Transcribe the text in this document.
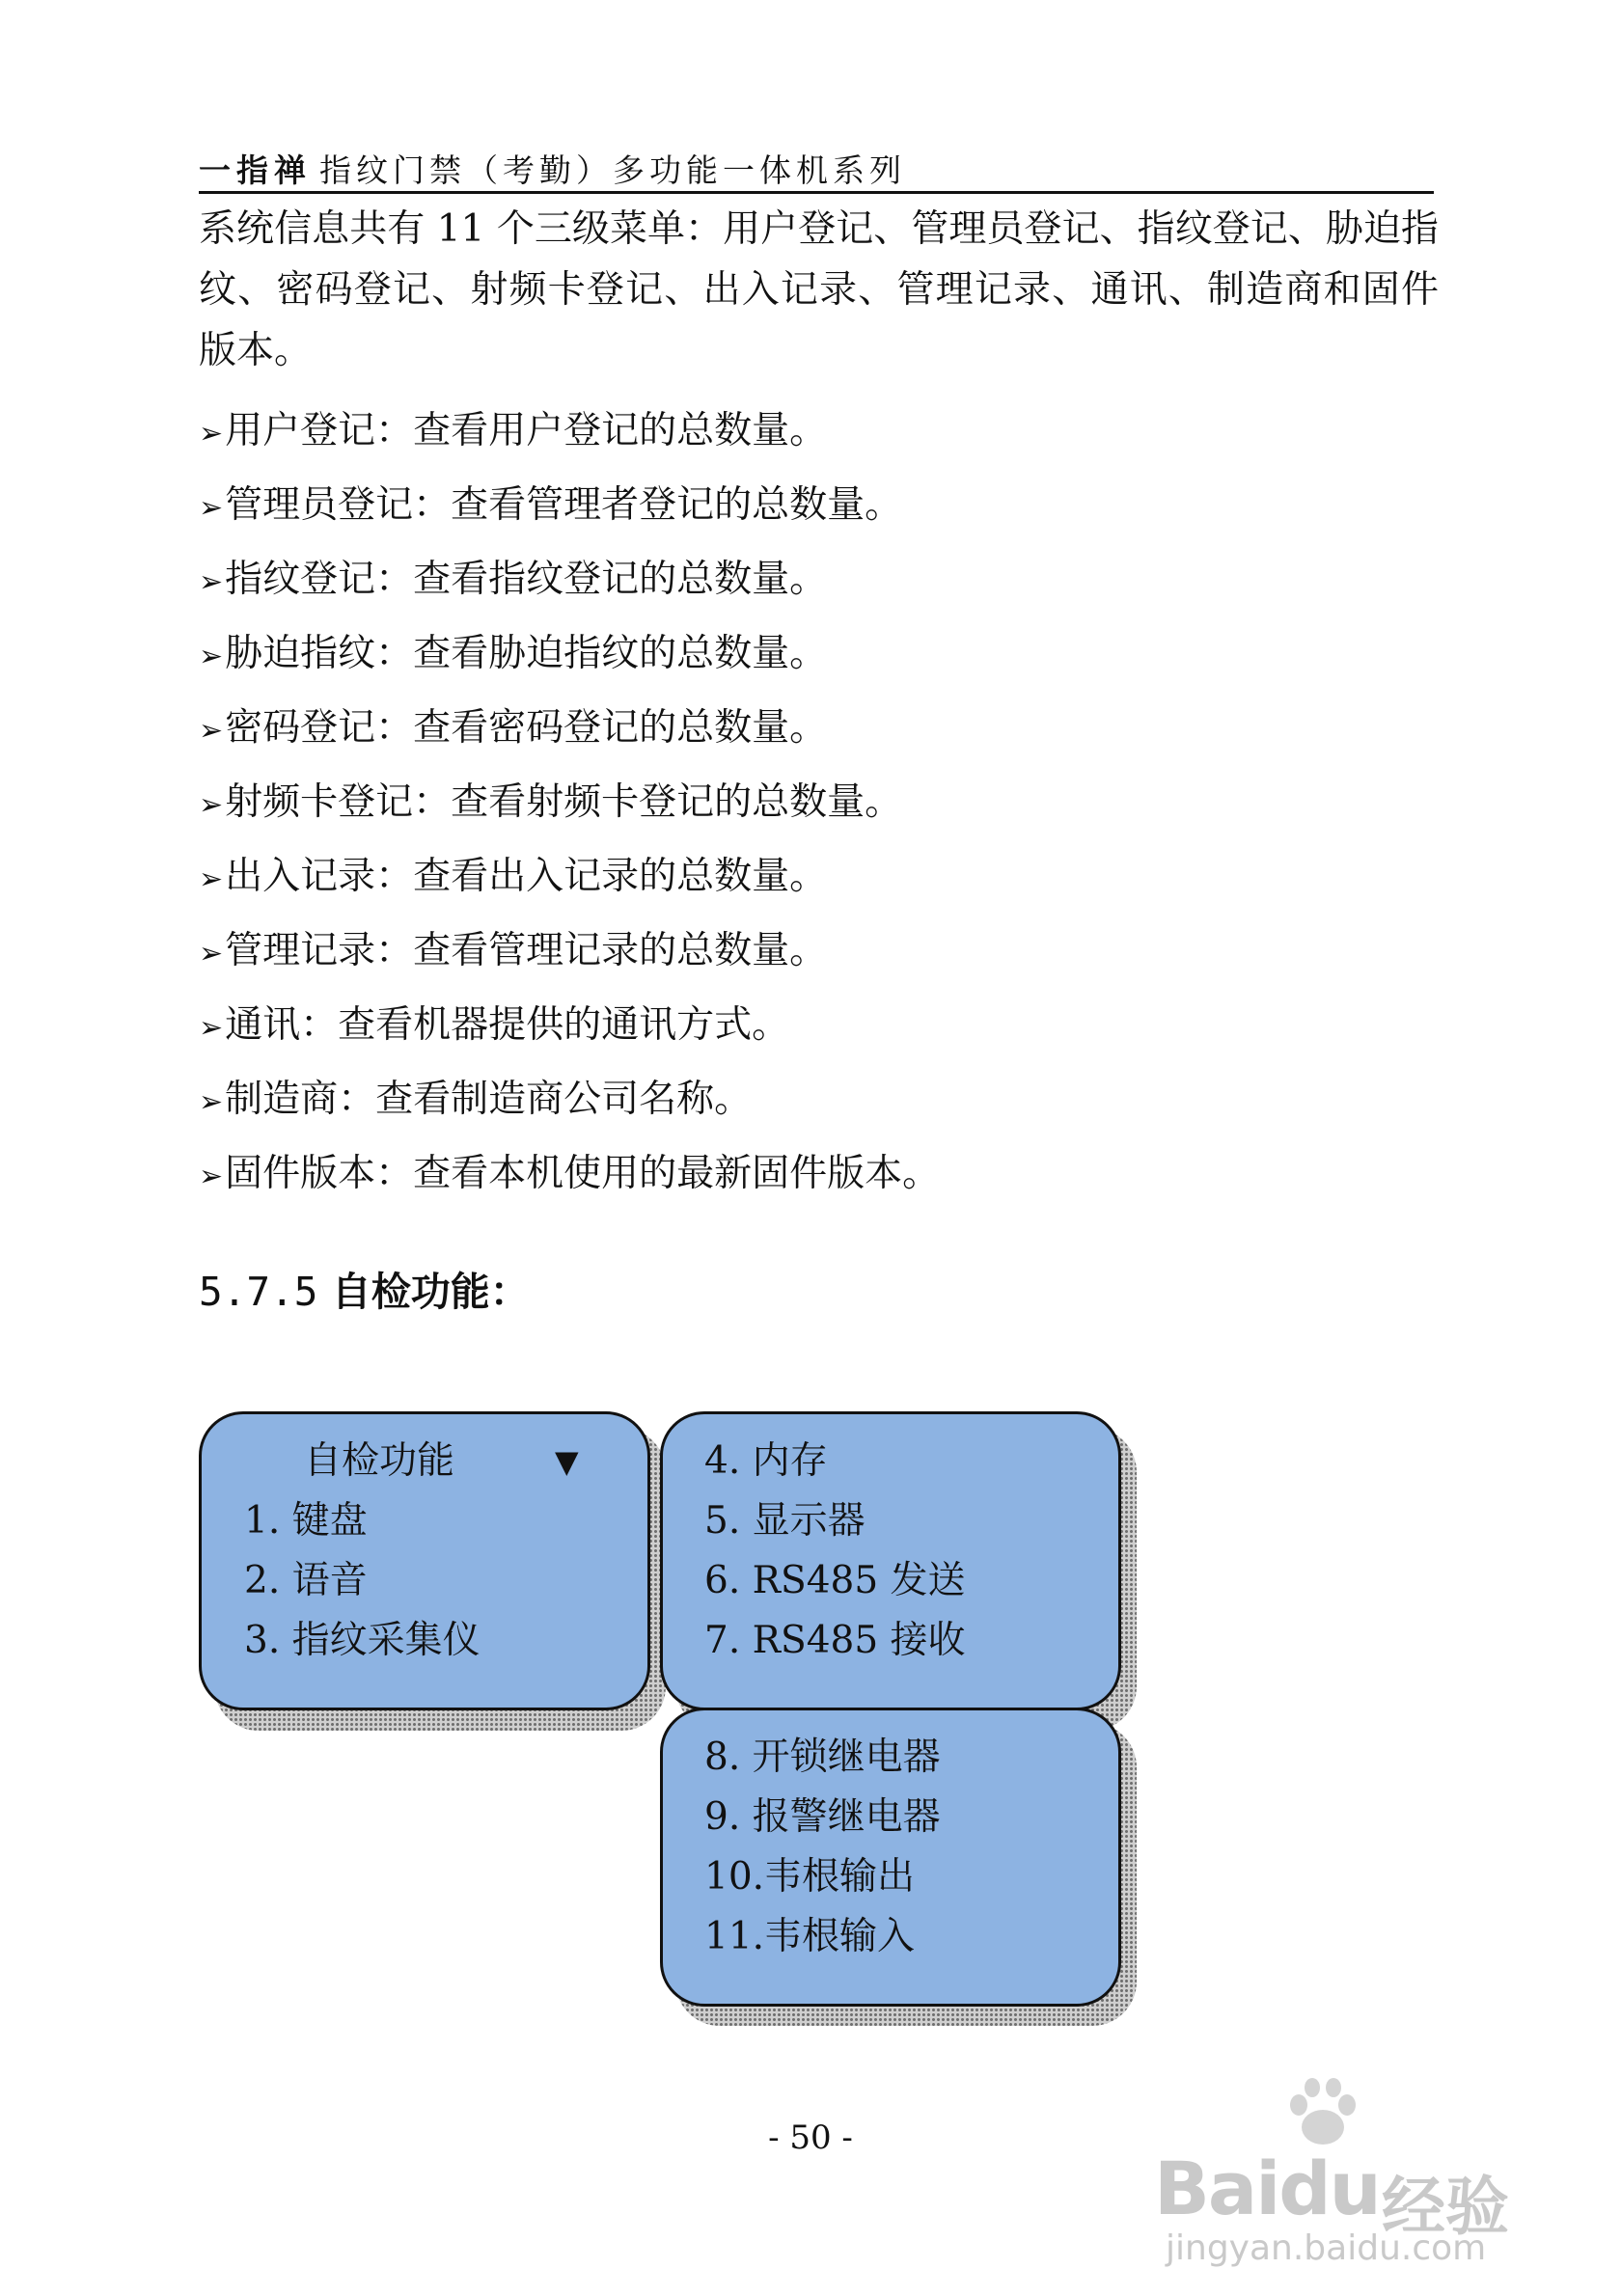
一指禅 指纹门禁（考勤）多功能一体机系列

系统信息共有 11 个三级菜单：用户登记、管理员登记、指纹登记、胁迫指纹、密码登记、射频卡登记、出入记录、管理记录、通讯、制造商和固件版本。

➢用户登记：查看用户登记的总数量。
➢管理员登记：查看管理者登记的总数量。
➢指纹登记：查看指纹登记的总数量。
➢胁迫指纹：查看胁迫指纹的总数量。
➢密码登记：查看密码登记的总数量。
➢射频卡登记：查看射频卡登记的总数量。
➢出入记录：查看出入记录的总数量。
➢管理记录：查看管理记录的总数量。
➢通讯：查看机器提供的通讯方式。
➢制造商：查看制造商公司名称。
➢固件版本：查看本机使用的最新固件版本。
5.7.5 自检功能：
自检功能	▼
1. 键盘
2. 语音
3. 指纹采集仪
4. 内存
5. 显示器
6. RS485 发送
7. RS485 接收
8. 开锁继电器
9. 报警继电器
10.韦根输出
11.韦根输入
- 50 -
Baidu 经验
jingyan.baidu.com
